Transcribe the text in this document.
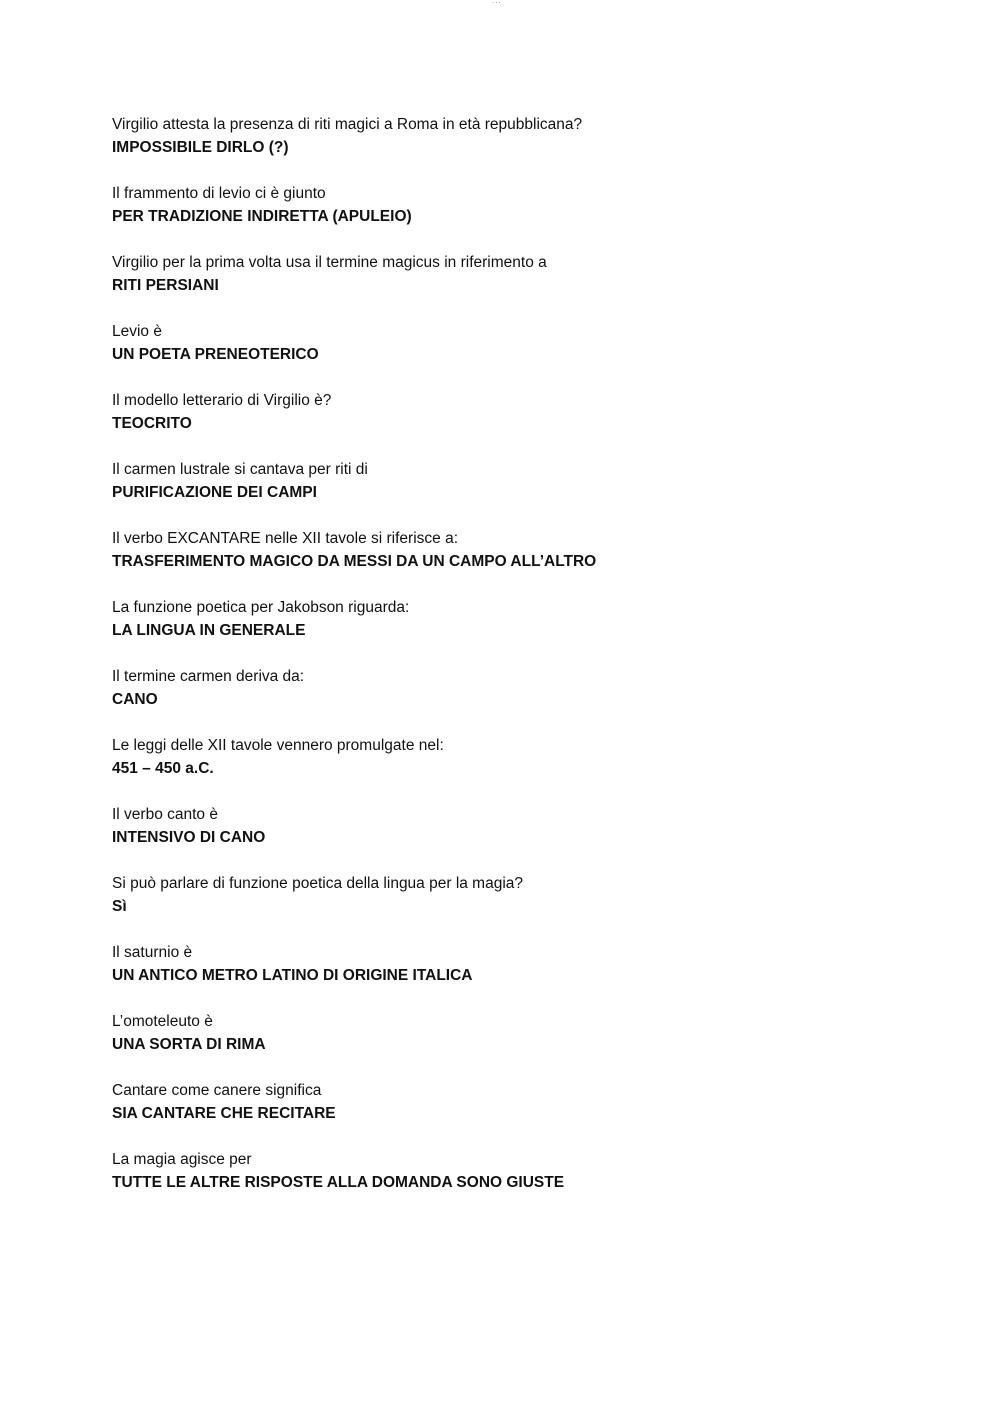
...
Virgilio attesta la presenza di riti magici a Roma in età repubblicana?
IMPOSSIBILE DIRLO (?)
Il frammento di levio ci è giunto
PER TRADIZIONE INDIRETTA (APULEIO)
Virgilio per la prima volta usa il termine magicus in riferimento a
RITI PERSIANI
Levio è
UN POETA PRENEOTERICO
Il modello letterario di Virgilio è?
TEOCRITO
Il carmen lustrale si cantava per riti di
PURIFICAZIONE DEI CAMPI
Il verbo EXCANTARE nelle XII tavole si riferisce a:
TRASFERIMENTO MAGICO DA MESSI DA UN CAMPO ALL’ALTRO
La funzione poetica per Jakobson riguarda:
LA LINGUA IN GENERALE
Il termine carmen deriva da:
CANO
Le leggi delle XII tavole vennero promulgate nel:
451 – 450 a.C.
Il verbo canto è
INTENSIVO DI CANO
Si può parlare di funzione poetica della lingua per la magia?
Sì
Il saturnio è
UN ANTICO METRO LATINO DI ORIGINE ITALICA
L’omoteleuto è
UNA SORTA DI RIMA
Cantare come canere significa
SIA CANTARE CHE RECITARE
La magia agisce per
TUTTE LE ALTRE RISPOSTE ALLA DOMANDA SONO GIUSTE
